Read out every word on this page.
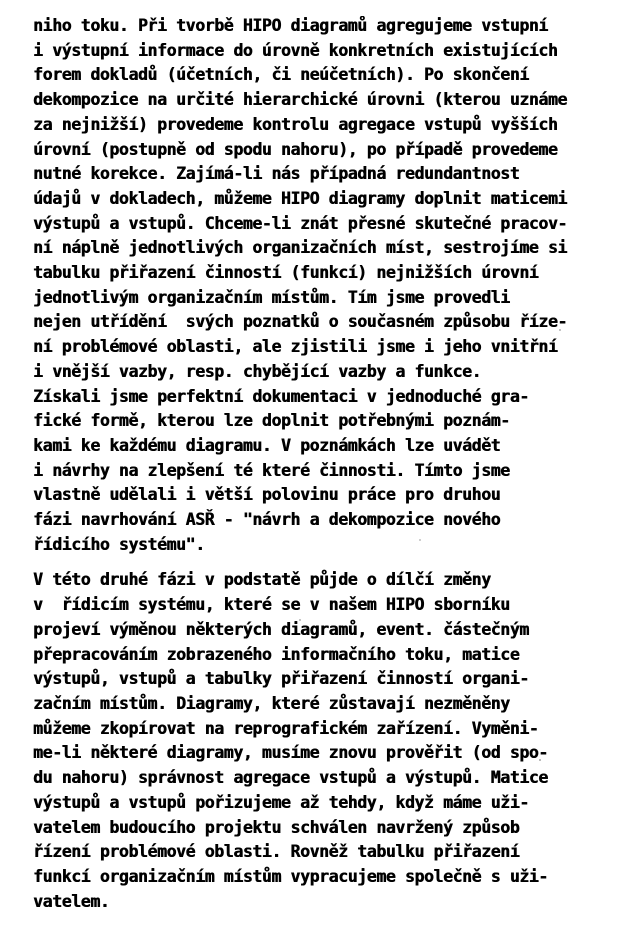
niho toku. Při tvorbě HIPO diagramů agregujeme vstupní
i výstupní informace do úrovně konkretních existujících
forem dokladů (účetních, či neúčetních). Po skončení
dekompozice na určité hierarchické úrovni (kterou uznáme
za nejnižší) provedeme kontrolu agregace vstupů vyšších
úrovní (postupně od spodu nahoru), po případě provedeme
nutné korekce. Zajímá-li nás případná redundantnost
údajů v dokladech, můžeme HIPO diagramy doplnit maticemi
výstupů a vstupů. Chceme-li znát přesné skutečné pracov-
ní náplně jednotlivých organizačních míst, sestrojíme si
tabulku přiřazení činností (funkcí) nejnižších úrovní
jednotlivým organizačním místům. Tím jsme provedli
nejen utřídění  svých poznatků o současném způsobu říze-
ní problémové oblasti, ale zjistili jsme i jeho vnitřní
i vnější vazby, resp. chybějící vazby a funkce.
Získali jsme perfektní dokumentaci v jednoduché gra-
fické formě, kterou lze doplnit potřebnými poznám-
kami ke každému diagramu. V poznámkách lze uvádět
i návrhy na zlepšení té které činnosti. Tímto jsme
vlastně udělali i větší polovinu práce pro druhou
fázi navrhování ASŘ - "návrh a dekompozice nového
řídicího systému".
V této druhé fázi v podstatě půjde o dílčí změny
v  řídicím systému, které se v našem HIPO sborníku
projeví výměnou některých diagramů, event. částečným
přepracováním zobrazeného informačního toku, matice
výstupů, vstupů a tabulky přiřazení činností organi-
začním místům. Diagramy, které zůstavají nezměněny
můžeme zkopírovat na reprografickém zařízení. Vyměni-
me-li některé diagramy, musíme znovu prověřit (od spo-
du nahoru) správnost agregace vstupů a výstupů. Matice
výstupů a vstupů pořizujeme až tehdy, když máme uži-
vatelem budoucího projektu schválen navržený způsob
řízení problémové oblasti. Rovněž tabulku přiřazení
funkcí organizačním místům vypracujeme společně s uži-
vatelem.
